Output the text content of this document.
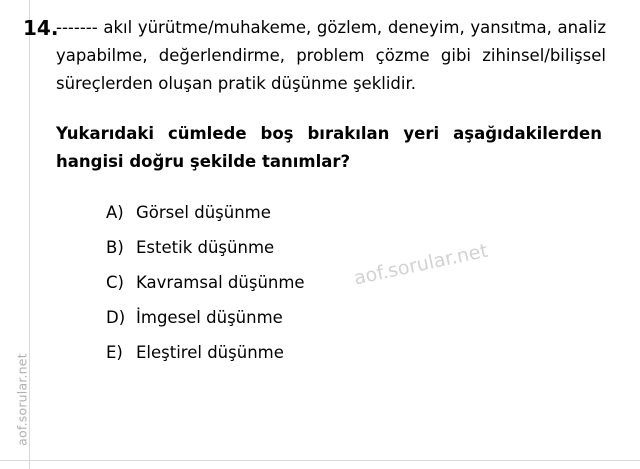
aof.sorular.net
14.

------- akıl yürütme/muhakeme, gözlem, deneyim, yansıtma, analiz yapabilme, değerlendirme, problem çözme gibi zihinsel/bilişsel süreçlerden oluşan pratik düşünme şeklidir.

Yukarıdaki cümlede boş bırakılan yeri aşağıdakilerden hangisi doğru şekilde tanımlar?

A) Görsel düşünme
B) Estetik düşünme
C) Kavramsal düşünme
D) İmgesel düşünme
E) Eleştirel düşünme
aof.sorular.net
